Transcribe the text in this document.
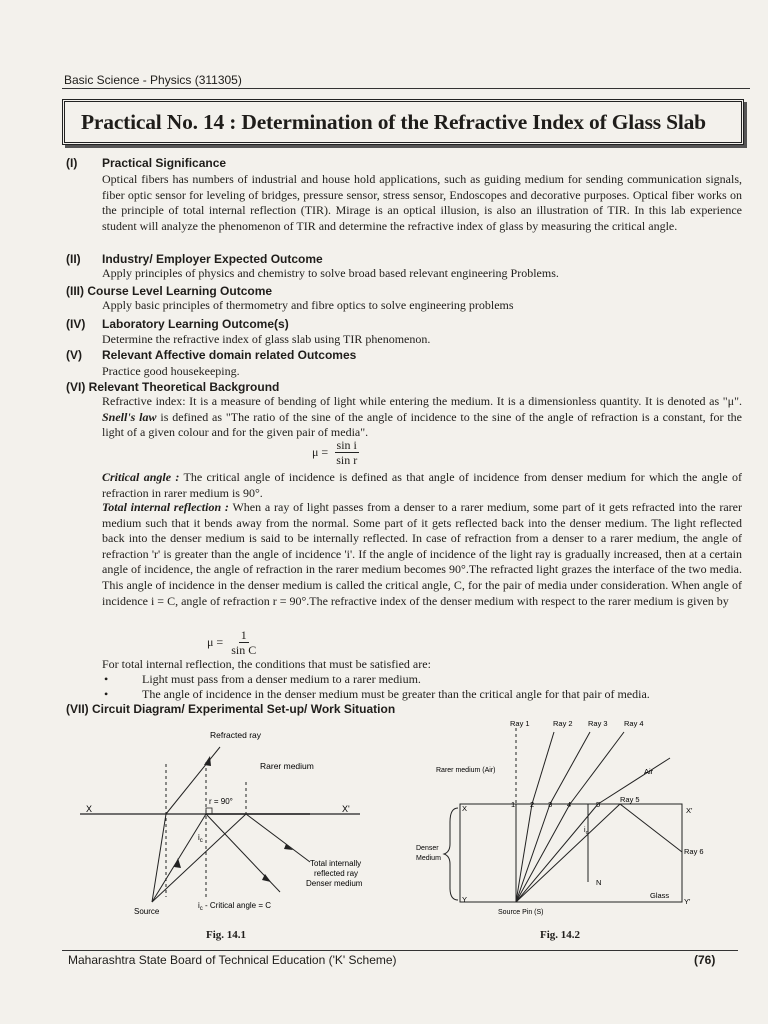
Basic Science - Physics (311305)
Practical No. 14 : Determination of the Refractive Index of Glass Slab
(I) Practical Significance
Optical fibers has numbers of industrial and house hold applications, such as guiding medium for sending communication signals, fiber optic sensor for leveling of bridges, pressure sensor, stress sensor, Endoscopes and decorative purposes. Optical fiber works on the principle of total internal reflection (TIR). Mirage is an optical illusion, is also an illustration of TIR. In this lab experience student will analyze the phenomenon of TIR and determine the refractive index of glass by measuring the critical angle.
(II) Industry/ Employer Expected Outcome
Apply principles of physics and chemistry to solve broad based relevant engineering Problems.
(III) Course Level Learning Outcome
Apply basic principles of thermometry and fibre optics to solve engineering problems
(IV) Laboratory Learning Outcome(s)
Determine the refractive index of glass slab using TIR phenomenon.
(V) Relevant Affective domain related Outcomes
Practice good housekeeping.
(VI) Relevant Theoretical Background
Refractive index: It is a measure of bending of light while entering the medium. It is a dimensionless quantity. It is denoted as "μ". Snell's law is defined as "The ratio of the sine of the angle of incidence to the sine of the angle of refraction is a constant, for the light of a given colour and for the given pair of media".
$\mu = \frac{\text{sin i}}{\text{sin r}}$
Critical angle : The critical angle of incidence is defined as that angle of incidence from denser medium for which the angle of refraction in rarer medium is 90°.
Total internal reflection : When a ray of light passes from a denser to a rarer medium, some part of it gets refracted into the rarer medium such that it bends away from the normal. Some part of it gets reflected back into the denser medium. The light reflected back into the denser medium is said to be internally reflected. In case of refraction from a denser to a rarer medium, the angle of refraction 'r' is greater than the angle of incidence 'i'. If the angle of incidence of the light ray is gradually increased, then at a certain angle of incidence, the angle of refraction in the rarer medium becomes 90°.The refracted light grazes the interface of the two media. This angle of incidence in the denser medium is called the critical angle, C, for the pair of media under consideration. When angle of incidence i = C, angle of refraction r = 90°.The refractive index of the denser medium with respect to the rarer medium is given by
$\mu = \frac{1}{\text{sin C}}$
For total internal reflection, the conditions that must be satisfied are:
•	Light must pass from a denser medium to a rarer medium.
•	The angle of incidence in the denser medium must be greater than the critical angle for that pair of media.
(VII) Circuit Diagram/ Experimental Set-up/ Work Situation
Refracted ray
Rarer medium
X	X'
r = 90°
$i_c$
Total internally
reflected ray
Denser medium
Source
$i_c$ - Critical angle = C
Fig. 14.1
Ray 1	Ray 2 Ray 3 Ray 4
Rarer medium (Air)	Air
X	X'
1 2 3 4	5
Ray 5
Ray 6
$i_c$
Denser
Medium
N
Glass
Y	Y'
Source Pin (S)
Fig. 14.2
Maharashtra State Board of Technical Education ('K' Scheme)	(76)
